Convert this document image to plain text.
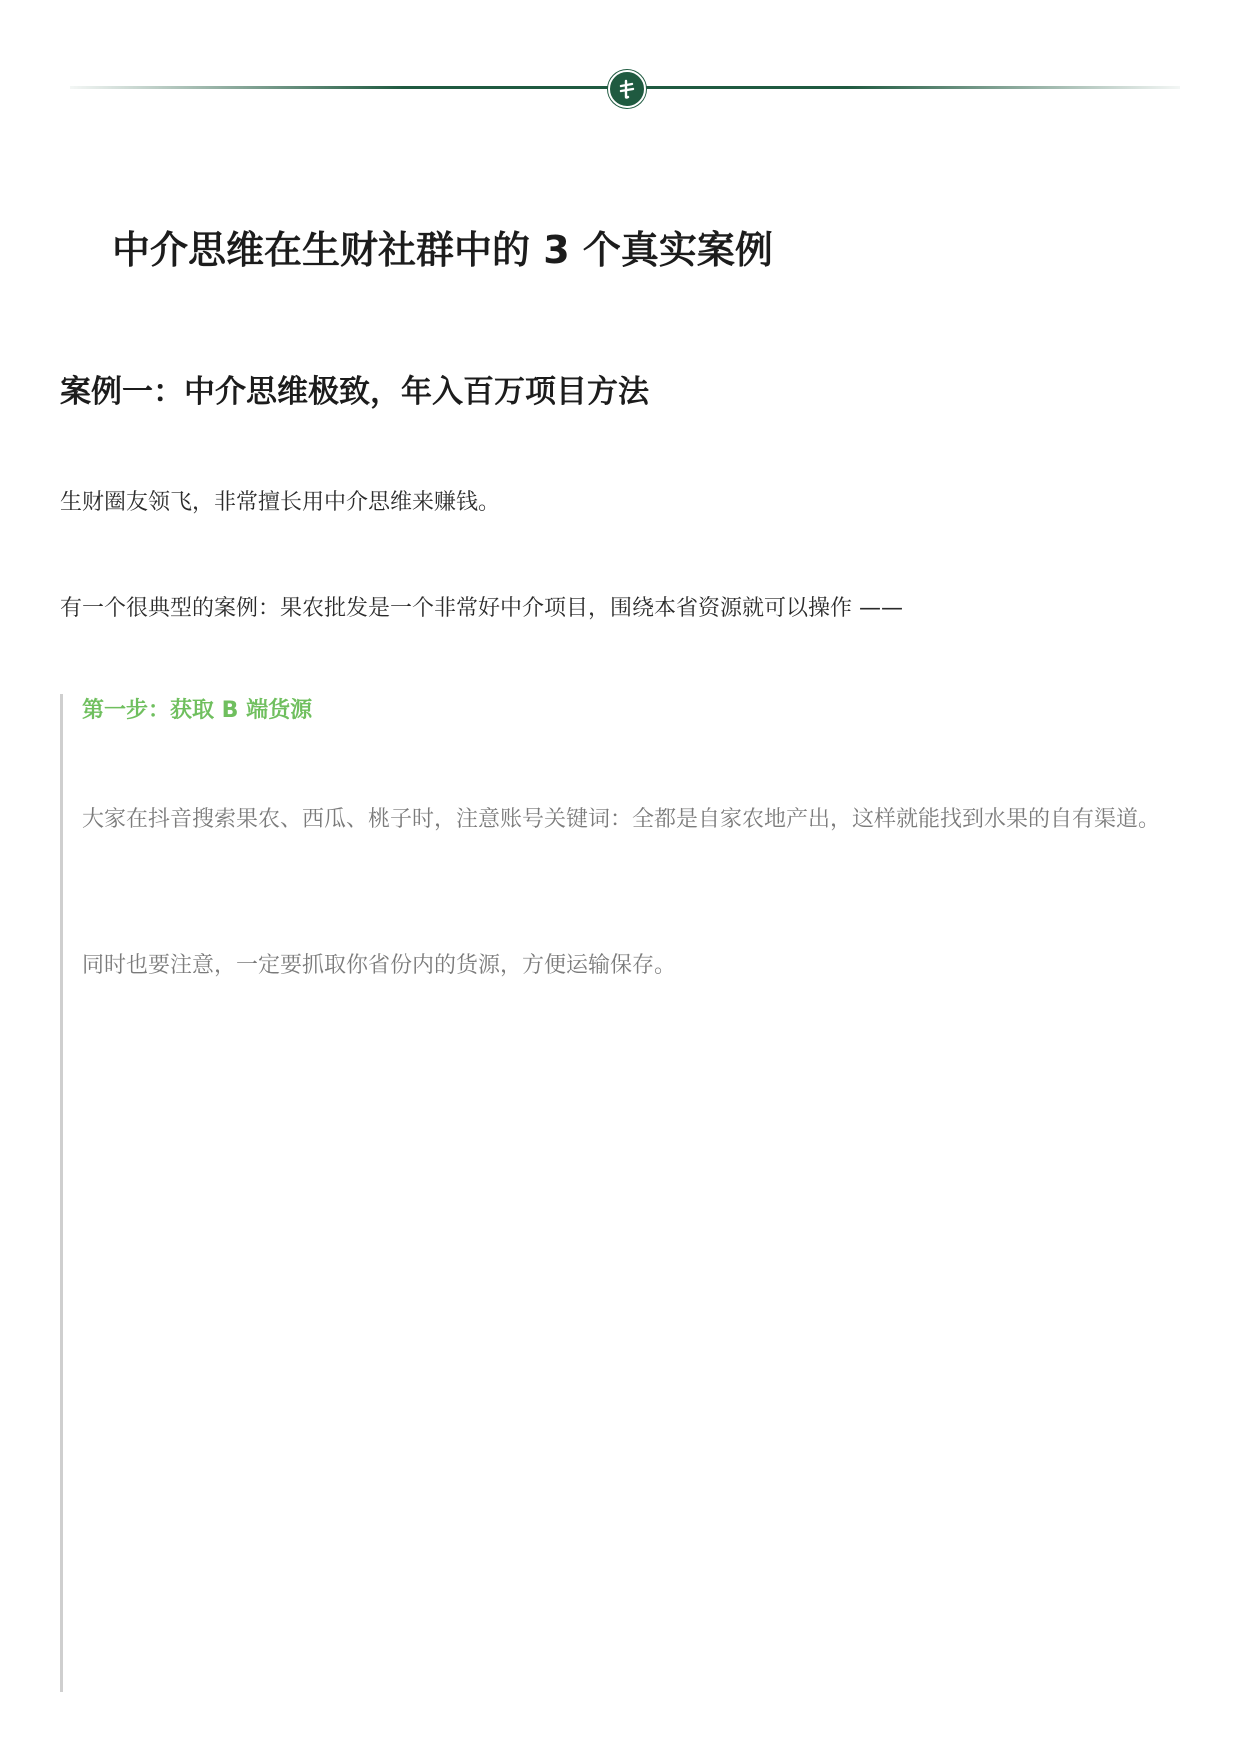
中介思维在生财社群中的 3 个真实案例
案例一：中介思维极致，年入百万项目方法

生财圈友领飞，非常擅长用中介思维来赚钱。

有一个很典型的案例：果农批发是一个非常好中介项目，围绕本省资源就可以操作 ——

第一步：获取 B 端货源

大家在抖音搜索果农、西瓜、桃子时，注意账号关键词：全都是自家农地产出，这样就能找到水果的自有渠道。

同时也要注意，一定要抓取你省份内的货源，方便运输保存。
